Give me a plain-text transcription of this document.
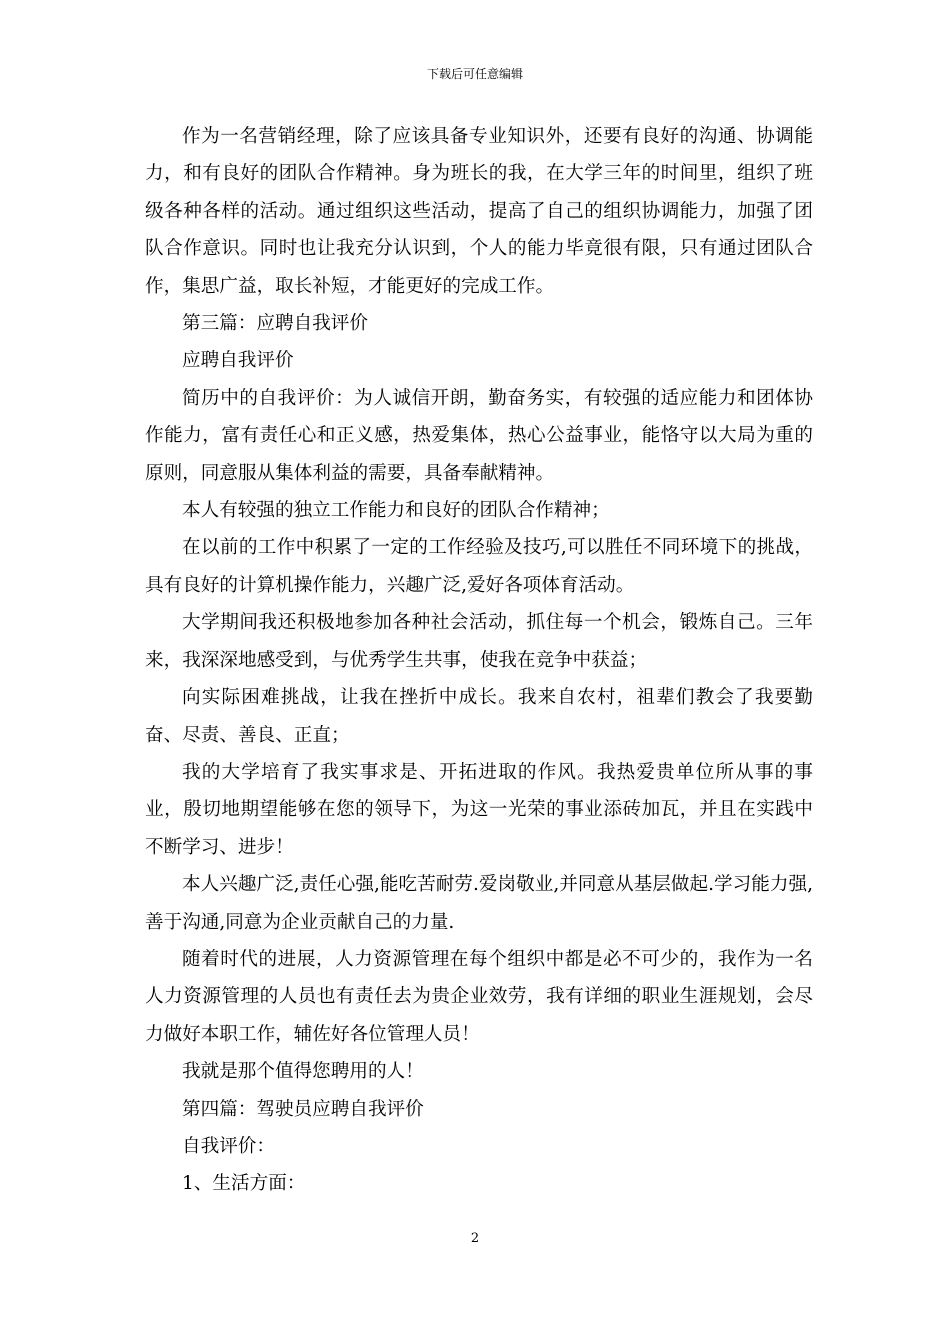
下载后可任意编辑

作为一名营销经理，除了应该具备专业知识外，还要有良好的沟通、协调能力，和有良好的团队合作精神。身为班长的我，在大学三年的时间里，组织了班级各种各样的活动。通过组织这些活动，提高了自己的组织协调能力，加强了团队合作意识。同时也让我充分认识到，个人的能力毕竟很有限，只有通过团队合作，集思广益，取长补短，才能更好的完成工作。

第三篇：应聘自我评价

应聘自我评价

简历中的自我评价：为人诚信开朗，勤奋务实，有较强的适应能力和团体协作能力，富有责任心和正义感，热爱集体，热心公益事业，能恪守以大局为重的原则，同意服从集体利益的需要，具备奉献精神。

本人有较强的独立工作能力和良好的团队合作精神；

在以前的工作中积累了一定的工作经验及技巧,可以胜任不同环境下的挑战，具有良好的计算机操作能力，兴趣广泛,爱好各项体育活动。

大学期间我还积极地参加各种社会活动，抓住每一个机会，锻炼自己。三年来，我深深地感受到，与优秀学生共事，使我在竞争中获益；

向实际困难挑战，让我在挫折中成长。我来自农村，祖辈们教会了我要勤奋、尽责、善良、正直；

我的大学培育了我实事求是、开拓进取的作风。我热爱贵单位所从事的事业，殷切地期望能够在您的领导下，为这一光荣的事业添砖加瓦，并且在实践中不断学习、进步！

本人兴趣广泛,责任心强,能吃苦耐劳.爱岗敬业,并同意从基层做起.学习能力强,善于沟通,同意为企业贡献自己的力量.

随着时代的进展，人力资源管理在每个组织中都是必不可少的，我作为一名人力资源管理的人员也有责任去为贵企业效劳，我有详细的职业生涯规划，会尽力做好本职工作，辅佐好各位管理人员！

我就是那个值得您聘用的人！

第四篇：驾驶员应聘自我评价

自我评价：

1、生活方面：

2
